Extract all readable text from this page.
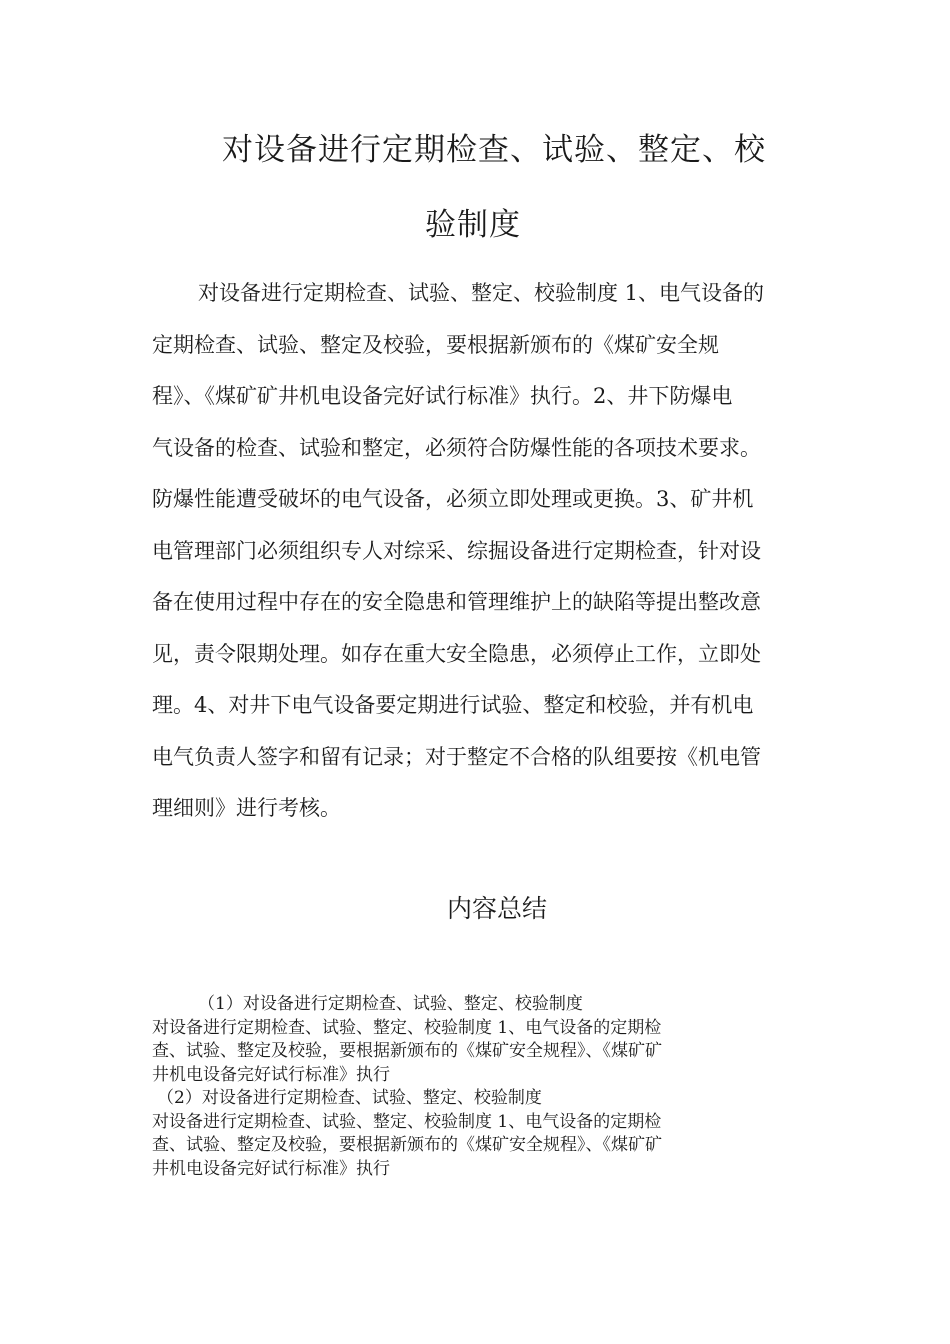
对设备进行定期检查、试验、整定、校
验制度
对设备进行定期检查、试验、整定、校验制度 1、电气设备的
定期检查、试验、整定及校验，要根据新颁布的《煤矿安全规
程》、《煤矿矿井机电设备完好试行标准》执行。2、井下防爆电
气设备的检查、试验和整定，必须符合防爆性能的各项技术要求。
防爆性能遭受破坏的电气设备，必须立即处理或更换。3、矿井机
电管理部门必须组织专人对综采、综掘设备进行定期检查，针对设
备在使用过程中存在的安全隐患和管理维护上的缺陷等提出整改意
见，责令限期处理。如存在重大安全隐患，必须停止工作，立即处
理。4、对井下电气设备要定期进行试验、整定和校验，并有机电
电气负责人签字和留有记录；对于整定不合格的队组要按《机电管
理细则》进行考核。
内容总结
（1）对设备进行定期检查、试验、整定、校验制度
对设备进行定期检查、试验、整定、校验制度 1、电气设备的定期检
查、试验、整定及校验，要根据新颁布的《煤矿安全规程》、《煤矿矿
井机电设备完好试行标准》执行
（2）对设备进行定期检查、试验、整定、校验制度
对设备进行定期检查、试验、整定、校验制度 1、电气设备的定期检
查、试验、整定及校验，要根据新颁布的《煤矿安全规程》、《煤矿矿
井机电设备完好试行标准》执行
